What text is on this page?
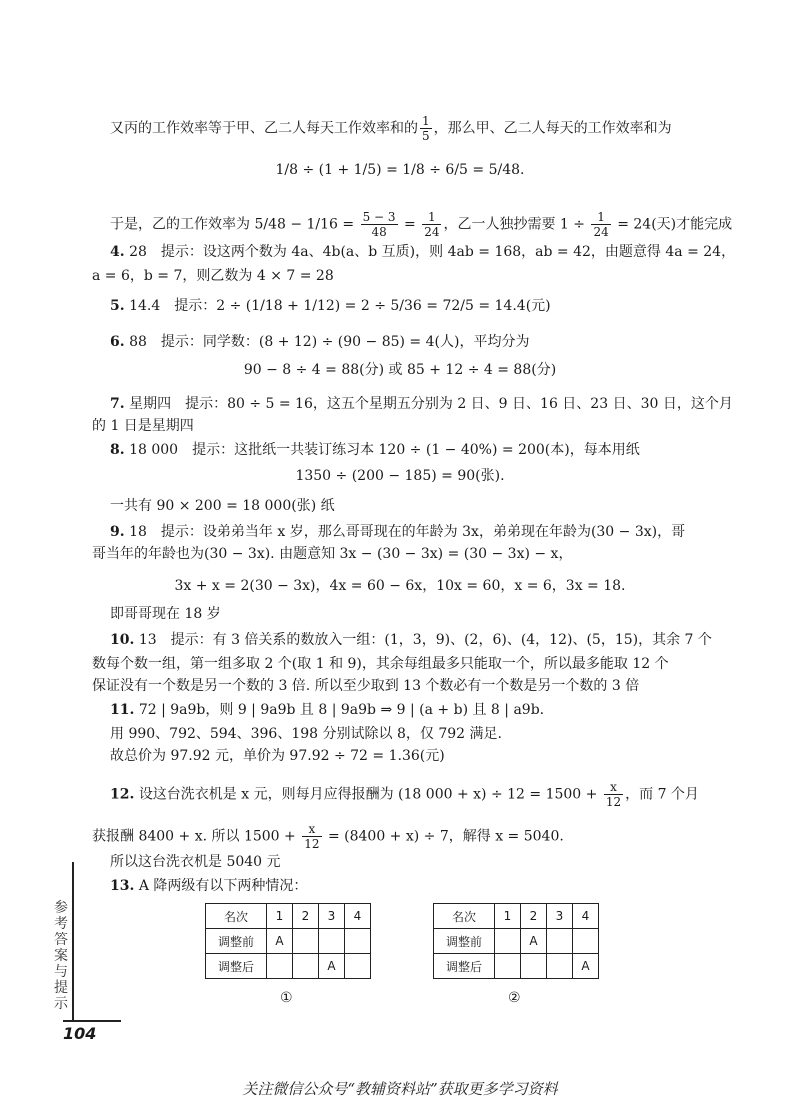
又丙的工作效率等于甲、乙二人每天工作效率和的 $\frac{1}{5}$ ，那么甲、乙二人每天的工作效率和为
1/8 ÷ (1 + 1/5) = 1/8 ÷ 6/5 = 5/48.
于是，乙的工作效率为 $5/48 - 1/16 = \frac{5 - 3}{48} = \frac{1}{24}$ ，乙一人独抄需要 $1 \div \frac{1}{24} = 24$(天)才能完成
4. 28　提示：设这两个数为 4a、4b(a、b 互质)，则 4ab = 168，ab = 42，由题意得 4a = 24，
a = 6，b = 7，则乙数为 4 × 7 = 28
5. 14.4　提示：2 ÷ (1/18 + 1/12) = 2 ÷ 5/36 = 72/5 = 14.4(元)
6. 88　提示：同学数：(8 + 12) ÷ (90 − 85) = 4(人)，平均分为
90 − 8 ÷ 4 = 88(分) 或 85 + 12 ÷ 4 = 88(分)
7. 星期四　提示：80 ÷ 5 = 16，这五个星期五分别为 2 日、9 日、16 日、23 日、30 日，这个月
的 1 日是星期四
8. 18 000　提示：这批纸一共装订练习本 120 ÷ (1 − 40%) = 200(本)，每本用纸
1350 ÷ (200 − 185) = 90(张).
一共有 90 × 200 = 18 000(张) 纸
9. 18　提示：设弟弟当年 x 岁，那么哥哥现在的年龄为 3x，弟弟现在年龄为(30 − 3x)，哥
哥当年的年龄也为(30 − 3x). 由题意知 3x − (30 − 3x) = (30 − 3x) − x，
3x + x = 2(30 − 3x)，4x = 60 − 6x，10x = 60，x = 6，3x = 18.
即哥哥现在 18 岁
10. 13　提示：有 3 倍关系的数放入一组：(1，3，9)、(2，6)、(4，12)、(5，15)，其余 7 个
数每个数一组，第一组多取 2 个(取 1 和 9)，其余每组最多只能取一个，所以最多能取 12 个
保证没有一个数是另一个数的 3 倍. 所以至少取到 13 个数必有一个数是另一个数的 3 倍
11. 72 | 9a9b，则 9 | 9a9b 且 8 | 9a9b ⇒ 9 | (a + b) 且 8 | a9b.
用 990、792、594、396、198 分别试除以 8，仅 792 满足.
故总价为 97.92 元，单价为 97.92 ÷ 72 = 1.36(元)
12. 设这台洗衣机是 x 元，则每月应得报酬为 (18 $000 + x) \div 12 = 1500 + \frac{x}{12}$ ，而 7 个月
获报酬 8400 + x. 所以 $1500 + \frac{x}{12} = (8400 + x) \div 7$，解得 x = 5040.
所以这台洗衣机是 5040 元
13. A 降两级有以下两种情况：
名次	1	2	3	4
调整前	A			
调整后			A	
①
名次	1	2	3	4
调整前		A		
调整后				A
②
参考答案与提示
104
关注微信公众号“教辅资料站”获取更多学习资料
